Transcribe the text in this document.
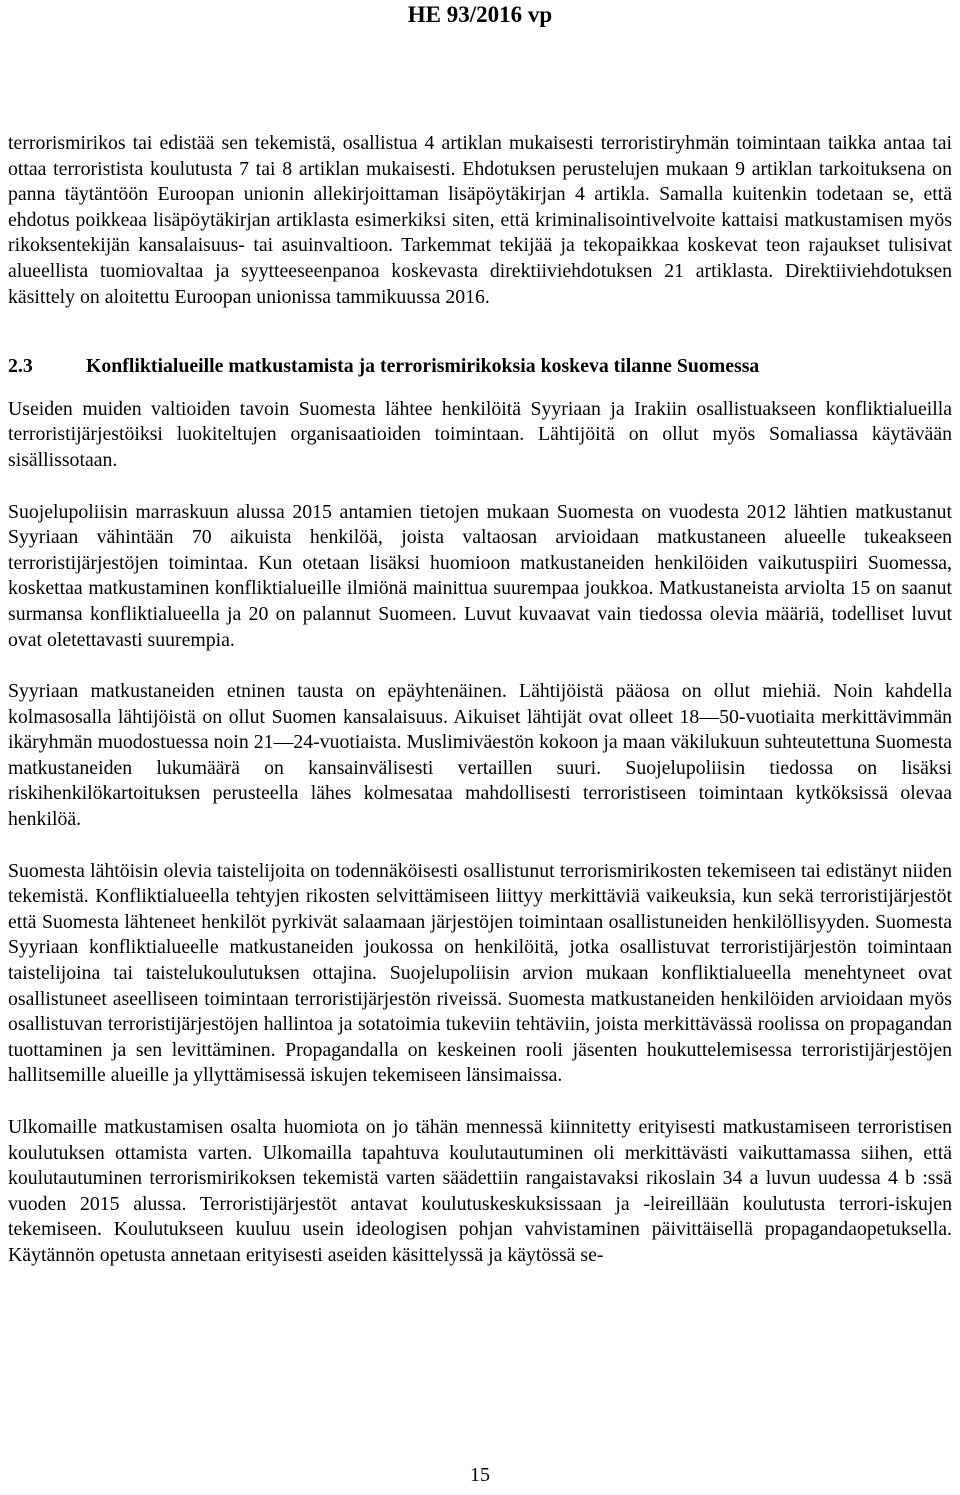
HE 93/2016 vp

terrorismirikos tai edistää sen tekemistä, osallistua 4 artiklan mukaisesti terroristiryhmän toimintaan taikka antaa tai ottaa terroristista koulutusta 7 tai 8 artiklan mukaisesti. Ehdotuksen perustelujen mukaan 9 artiklan tarkoituksena on panna täytäntöön Euroopan unionin allekirjoittaman lisäpöytäkirjan 4 artikla. Samalla kuitenkin todetaan se, että ehdotus poikkeaa lisäpöytäkirjan artiklasta esimerkiksi siten, että kriminalisointivelvoite kattaisi matkustamisen myös rikoksentekijän kansalaisuus- tai asuinvaltioon. Tarkemmat tekijää ja tekopaikkaa koskevat teon rajaukset tulisivat alueellista tuomiovaltaa ja syytteeseenpanoa koskevasta direktiiviehdotuksen 21 artiklasta. Direktiiviehdotuksen käsittely on aloitettu Euroopan unionissa tammikuussa 2016.

2.3	Konfliktialueille matkustamista ja terrorismirikoksia koskeva tilanne Suomessa

Useiden muiden valtioiden tavoin Suomesta lähtee henkilöitä Syyriaan ja Irakiin osallistuakseen konfliktialueilla terroristijärjestöiksi luokiteltujen organisaatioiden toimintaan. Lähtijöitä on ollut myös Somaliassa käytävään sisällissotaan.

Suojelupoliisin marraskuun alussa 2015 antamien tietojen mukaan Suomesta on vuodesta 2012 lähtien matkustanut Syyriaan vähintään 70 aikuista henkilöä, joista valtaosan arvioidaan matkustaneen alueelle tukeakseen terroristijärjestöjen toimintaa. Kun otetaan lisäksi huomioon matkustaneiden henkilöiden vaikutuspiiri Suomessa, koskettaa matkustaminen konfliktialueille ilmiönä mainittua suurempaa joukkoa. Matkustaneista arviolta 15 on saanut surmansa konfliktialueella ja 20 on palannut Suomeen. Luvut kuvaavat vain tiedossa olevia määriä, todelliset luvut ovat oletettavasti suurempia.

Syyriaan matkustaneiden etninen tausta on epäyhtenäinen. Lähtijöistä pääosa on ollut miehiä. Noin kahdella kolmasosalla lähtijöistä on ollut Suomen kansalaisuus. Aikuiset lähtijät ovat olleet 18—50-vuotiaita merkittävimmän ikäryhmän muodostuessa noin 21—24-vuotiaista. Muslimiväestön kokoon ja maan väkilukuun suhteutettuna Suomesta matkustaneiden lukumäärä on kansainvälisesti vertaillen suuri. Suojelupoliisin tiedossa on lisäksi riskihenkilökartoituksen perusteella lähes kolmesataa mahdollisesti terroristiseen toimintaan kytköksissä olevaa henkilöä.

Suomesta lähtöisin olevia taistelijoita on todennäköisesti osallistunut terrorismirikosten tekemiseen tai edistänyt niiden tekemistä. Konfliktialueella tehtyjen rikosten selvittämiseen liittyy merkittäviä vaikeuksia, kun sekä terroristijärjestöt että Suomesta lähteneet henkilöt pyrkivät salaamaan järjestöjen toimintaan osallistuneiden henkilöllisyyden. Suomesta Syyriaan konfliktialueelle matkustaneiden joukossa on henkilöitä, jotka osallistuvat terroristijärjestön toimintaan taistelijoina tai taistelukoulutuksen ottajina. Suojelupoliisin arvion mukaan konfliktialueella menehtyneet ovat osallistuneet aseelliseen toimintaan terroristijärjestön riveissä. Suomesta matkustaneiden henkilöiden arvioidaan myös osallistuvan terroristijärjestöjen hallintoa ja sotatoimia tukeviin tehtäviin, joista merkittävässä roolissa on propagandan tuottaminen ja sen levittäminen. Propagandalla on keskeinen rooli jäsenten houkuttelemisessa terroristijärjestöjen hallitsemille alueille ja yllyttämisessä iskujen tekemiseen länsimaissa.

Ulkomaille matkustamisen osalta huomiota on jo tähän mennessä kiinnitetty erityisesti matkustamiseen terroristisen koulutuksen ottamista varten. Ulkomailla tapahtuva koulutautuminen oli merkittävästi vaikuttamassa siihen, että koulutautuminen terrorismirikoksen tekemistä varten säädettiin rangaistavaksi rikoslain 34 a luvun uudessa 4 b :ssä vuoden 2015 alussa. Terroristijärjestöt antavat koulutuskeskuksissaan ja -leireillään koulutusta terrori-iskujen tekemiseen. Koulutukseen kuuluu usein ideologisen pohjan vahvistaminen päivittäisellä propagandaopetuksella. Käytännön opetusta annetaan erityisesti aseiden käsittelyssä ja käytössä se-

15
